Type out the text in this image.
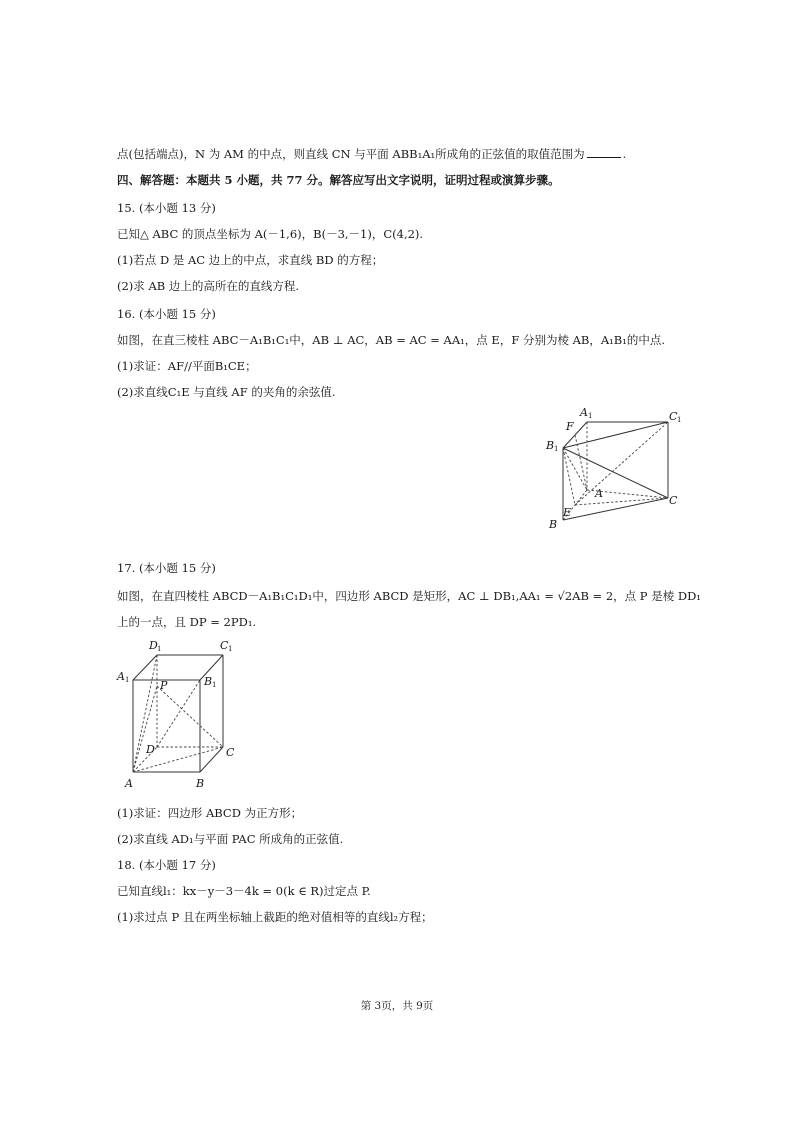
点(包括端点)，N 为 AM 的中点，则直线 CN 与平面 ABB₁A₁所成角的正弦值的取值范围为	.
四、解答题：本题共 5 小题，共 77 分。解答应写出文字说明，证明过程或演算步骤。
15. (本小题 13 分)
已知△ ABC 的顶点坐标为 A(－1,6)，B(－3,－1)，C(4,2).
(1)若点 D 是 AC 边上的中点，求直线 BD 的方程；
(2)求 AB 边上的高所在的直线方程.
16. (本小题 15 分)
如图，在直三棱柱 ABC－A₁B₁C₁中，AB ⊥ AC，AB = AC = AA₁，点 E，F 分别为棱 AB，A₁B₁的中点.
(1)求证：AF//平面B₁CE；
(2)求直线C₁E 与直线 AF 的夹角的余弦值.
A 1	C 1
F
B 1
A
C
E
B
17. (本小题 15 分)
如图，在直四棱柱 ABCD－A₁B₁C₁D₁中，四边形 ABCD 是矩形，AC ⊥ DB₁,AA₁ = √2AB = 2，点 P 是棱 DD₁
上的一点，且 DP = 2PD₁.
D 1	C 1
A 1	P	B 1
D	C
A	B
(1)求证：四边形 ABCD 为正方形；
(2)求直线 AD₁与平面 PAC 所成角的正弦值.
18. (本小题 17 分)
已知直线l₁：kx－y－3－4k = 0(k ∈ R)过定点 P.
(1)求过点 P 且在两坐标轴上截距的绝对值相等的直线l₂方程；
第 3页，共 9页
